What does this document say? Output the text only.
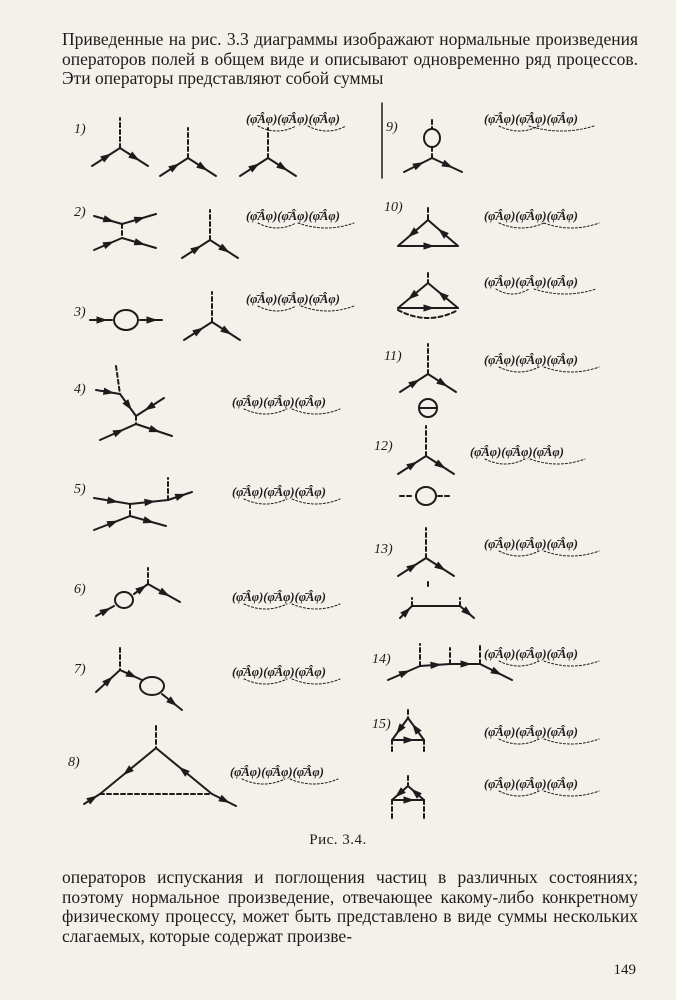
Приведенные на рис. 3.3 диаграммы изображают нормальные произведения операторов полей в общем виде и описывают одновременно ряд процессов. Эти операторы представляют собой суммы

1)
(φ̄Âφ)(φ̄Âφ)(φ̄Âφ)
9)
(φ̄Âφ)(φ̄Âφ)(φ̄Âφ)
2)	(φ̄Âφ)(φ̄Âφ)(φ̄Âφ)
10)
(φ̄Âφ)(φ̄Âφ)(φ̄Âφ)
(φ̄Âφ)(φ̄Âφ)(φ̄Âφ)
3)
(φ̄Âφ)(φ̄Âφ)(φ̄Âφ)
11)	(φ̄Âφ)(φ̄Âφ)(φ̄Âφ)
4)
(φ̄Âφ)(φ̄Âφ)(φ̄Âφ)
12)	(φ̄Âφ)(φ̄Âφ)(φ̄Âφ)
5)	(φ̄Âφ)(φ̄Âφ)(φ̄Âφ)
13)	(φ̄Âφ)(φ̄Âφ)(φ̄Âφ)
6)	(φ̄Âφ)(φ̄Âφ)(φ̄Âφ)
14)	(φ̄Âφ)(φ̄Âφ)(φ̄Âφ)
7)	(φ̄Âφ)(φ̄Âφ)(φ̄Âφ)
15)	(φ̄Âφ)(φ̄Âφ)(φ̄Âφ)
(φ̄Âφ)(φ̄Âφ)(φ̄Âφ)
8)
(φ̄Âφ)(φ̄Âφ)(φ̄Âφ)
Рис. 3.4.

операторов испускания и поглощения частиц в различных состояниях; поэтому нормальное произведение, отвечающее какому-либо конкретному физическому процессу, может быть представлено в виде суммы нескольких слагаемых, которые содержат произве-

149
